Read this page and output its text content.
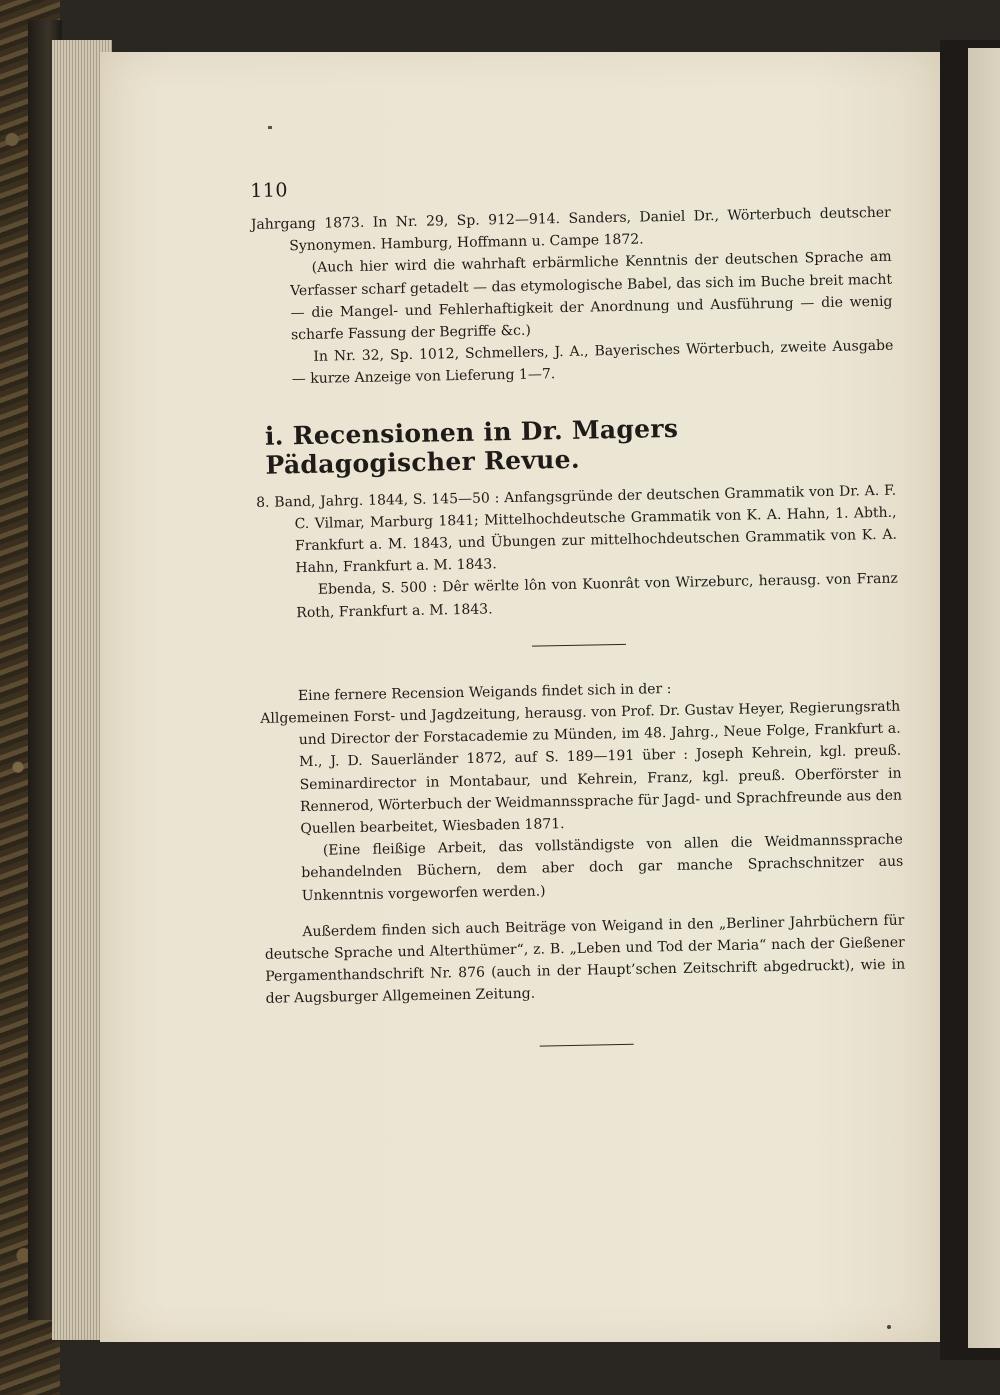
110

Jahrgang 1873. In Nr. 29, Sp. 912—914. Sanders, Daniel Dr., Wörterbuch deutscher Synonymen. Hamburg, Hoffmann u. Campe 1872.

(Auch hier wird die wahrhaft erbärmliche Kenntnis der deutschen Sprache am Verfasser scharf getadelt — das etymologische Babel, das sich im Buche breit macht — die Mangel- und Fehlerhaftigkeit der Anordnung und Ausführung — die wenig scharfe Fassung der Begriffe &c.)

In Nr. 32, Sp. 1012, Schmellers, J. A., Bayerisches Wörterbuch, zweite Ausgabe — kurze Anzeige von Lieferung 1—7.

i. Recensionen in Dr. Magers Pädagogischer Revue.

8. Band, Jahrg. 1844, S. 145—50 : Anfangsgründe der deutschen Grammatik von Dr. A. F. C. Vilmar, Marburg 1841; Mittelhochdeutsche Grammatik von K. A. Hahn, 1. Abth., Frankfurt a. M. 1843, und Übungen zur mittelhochdeutschen Grammatik von K. A. Hahn, Frankfurt a. M. 1843.

Ebenda, S. 500 : Dêr wërlte lôn von Kuonrât von Wirzeburc, herausg. von Franz Roth, Frankfurt a. M. 1843.

Eine fernere Recension Weigands findet sich in der :

Allgemeinen Forst- und Jagdzeitung, herausg. von Prof. Dr. Gustav Heyer, Regierungsrath und Director der Forstacademie zu Münden, im 48. Jahrg., Neue Folge, Frankfurt a. M., J. D. Sauerländer 1872, auf S. 189—191 über : Joseph Kehrein, kgl. preuß. Seminardirector in Montabaur, und Kehrein, Franz, kgl. preuß. Oberförster in Rennerod, Wörterbuch der Weidmannssprache für Jagd- und Sprachfreunde aus den Quellen bearbeitet, Wiesbaden 1871.

(Eine fleißige Arbeit, das vollständigste von allen die Weidmannssprache behandelnden Büchern, dem aber doch gar manche Sprachschnitzer aus Unkenntnis vorgeworfen werden.)

Außerdem finden sich auch Beiträge von Weigand in den „Berliner Jahrbüchern für deutsche Sprache und Alterthümer“, z. B. „Leben und Tod der Maria“ nach der Gießener Pergamenthandschrift Nr. 876 (auch in der Haupt’schen Zeitschrift abgedruckt), wie in der Augsburger Allgemeinen Zeitung.
